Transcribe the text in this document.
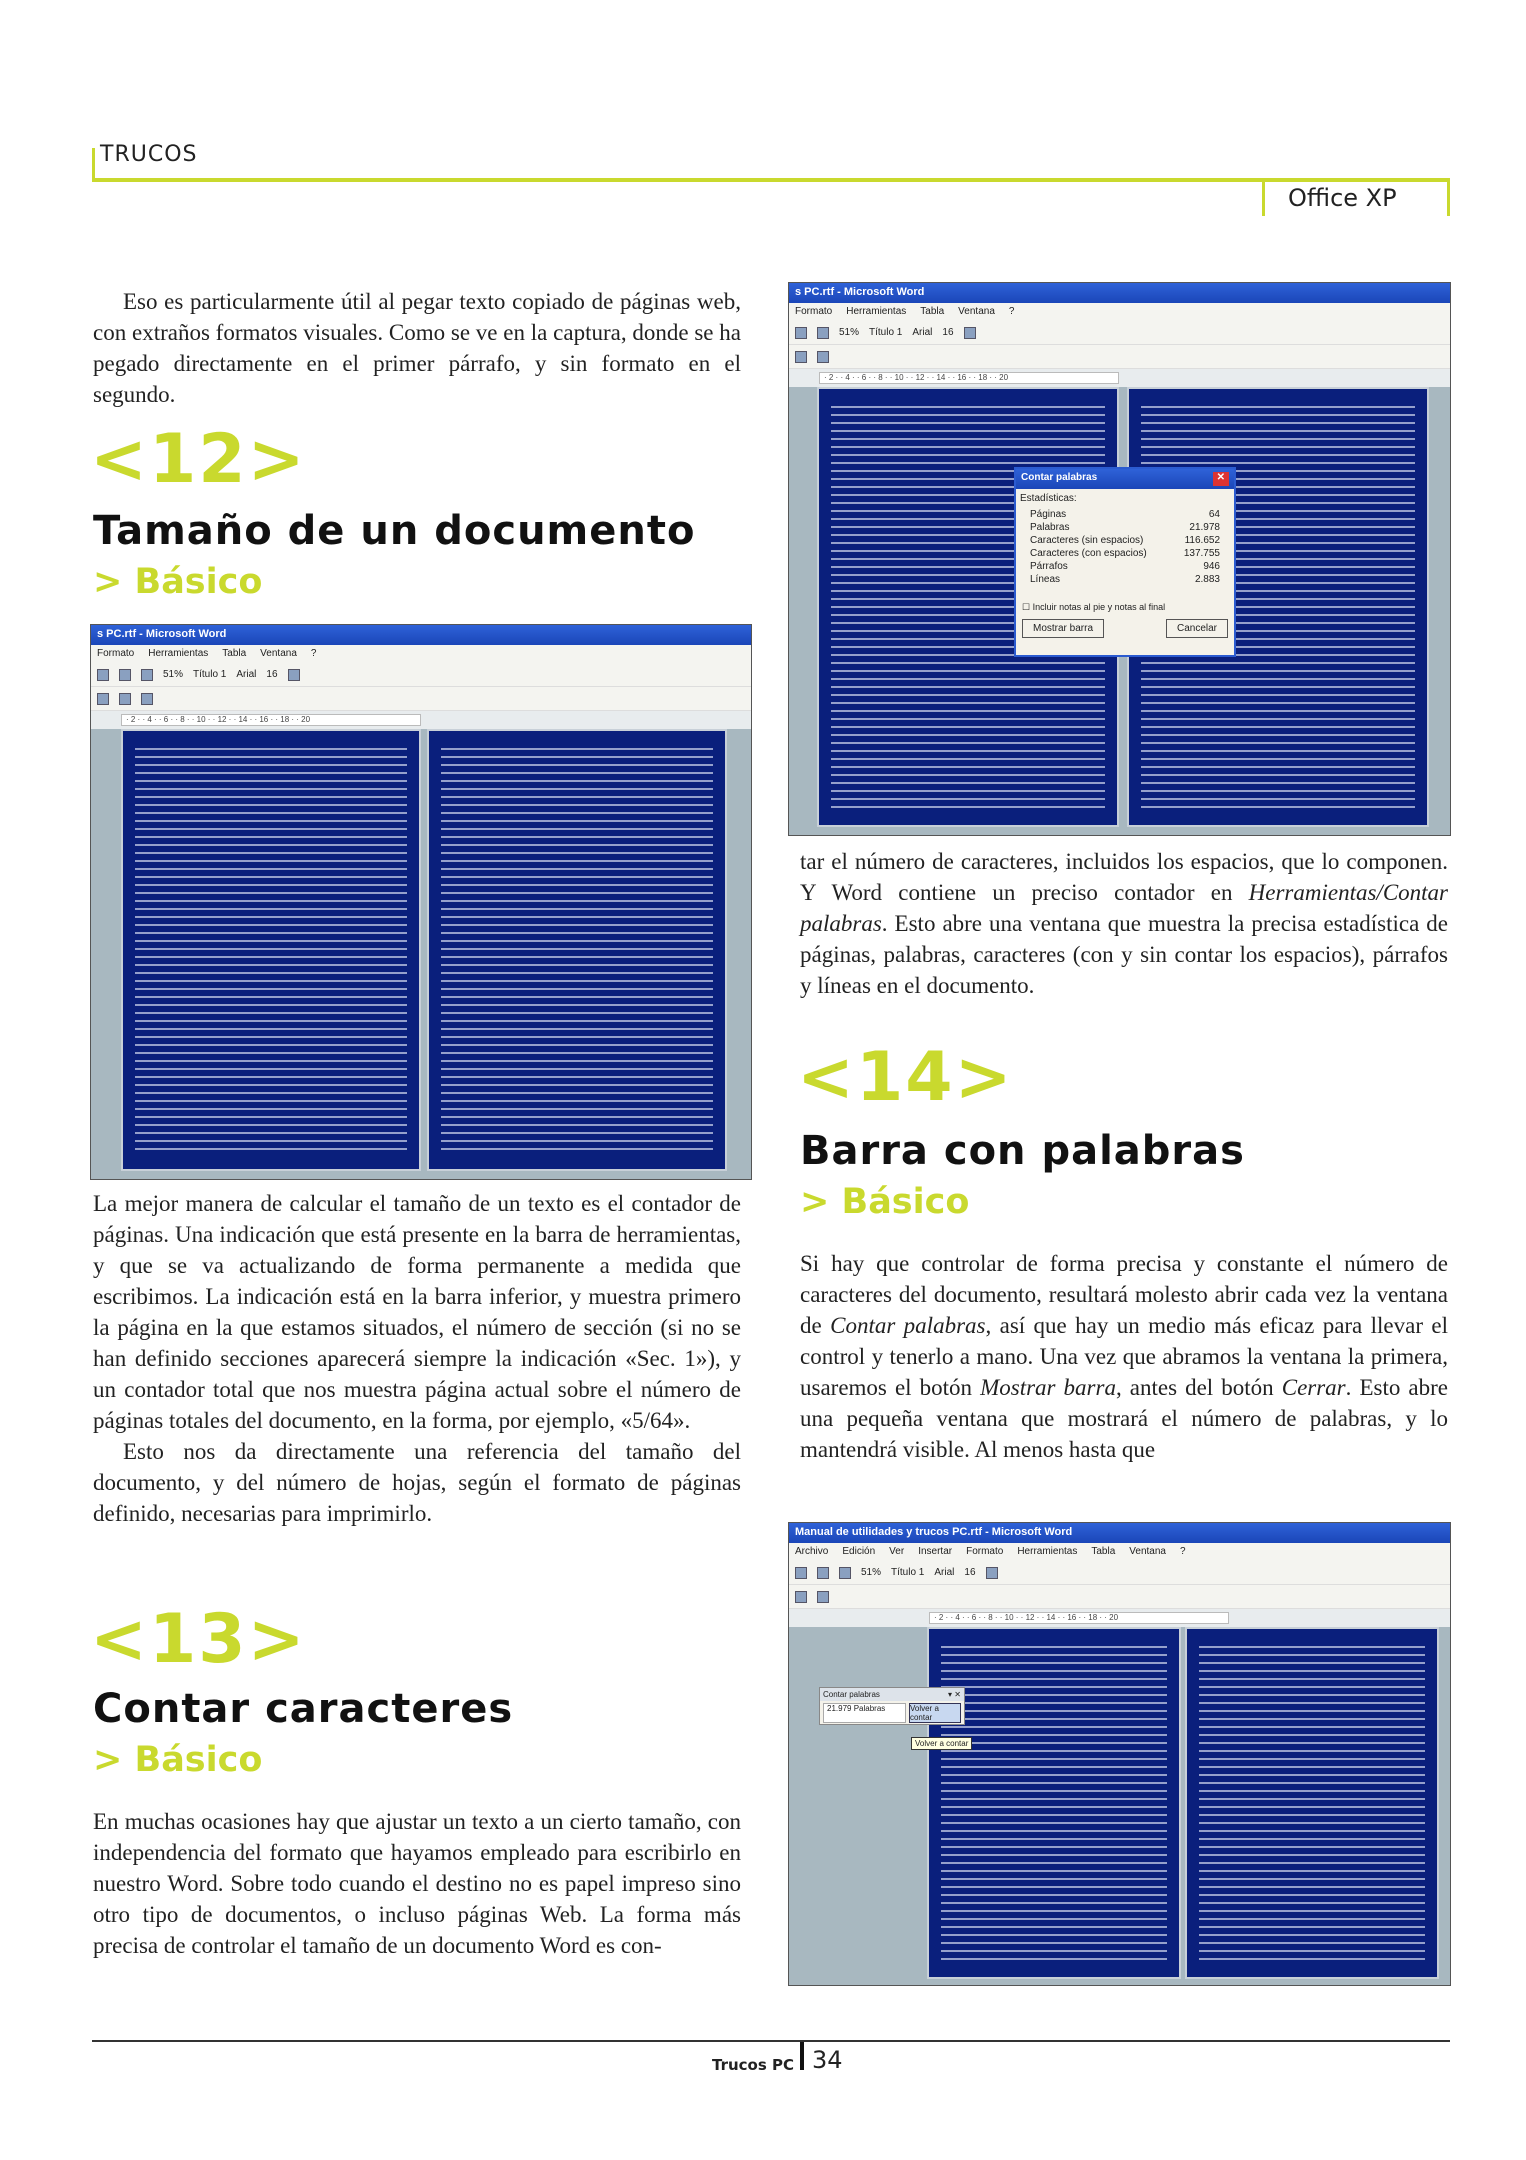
TRUCOS
Office XP

Eso es particularmente útil al pegar texto copiado de páginas web, con extraños formatos visuales. Como se ve en la captura, donde se ha pegado directamente en el primer párrafo, y sin formato en el segundo.

<12>
Tamaño de un documento
> Básico
s PC.rtf - Microsoft Word
Formato Herramientas Tabla Ventana ?
51% Título 1 Arial 16
· 2 · · 4 · · 6 · · 8 · · 10 · · 12 · · 14 · · 16 · · 18 · · 20

La mejor manera de calcular el tamaño de un texto es el contador de páginas. Una indicación que está presente en la barra de herramientas, y que se va actualizando de forma permanente a medida que escribimos. La indicación está en la barra inferior, y muestra primero la página en la que estamos situados, el número de sección (si no se han definido secciones aparecerá siempre la indicación «Sec. 1»), y un contador total que nos muestra página actual sobre el número de páginas totales del documento, en la forma, por ejemplo, «5/64».

Esto nos da directamente una referencia del tamaño del documento, y del número de hojas, según el formato de páginas definido, necesarias para imprimirlo.

<13>
Contar caracteres
> Básico

En muchas ocasiones hay que ajustar un texto a un cierto tamaño, con independencia del formato que hayamos empleado para escribirlo en nuestro Word. Sobre todo cuando el destino no es papel impreso sino otro tipo de documentos, o incluso páginas Web. La forma más precisa de controlar el tamaño de un documento Word es con-

s PC.rtf - Microsoft Word
Formato Herramientas Tabla Ventana ?
51% Título 1 Arial 16
· 2 · · 4 · · 6 · · 8 · · 10 · · 12 · · 14 · · 16 · · 18 · · 20
Contar palabras	✕
Estadísticas:
Páginas	64
Palabras	21.978
Caracteres (sin espacios)	116.652
Caracteres (con espacios)	137.755
Párrafos	946
Líneas	2.883
☐ Incluir notas al pie y notas al final
Mostrar barra	Cancelar

tar el número de caracteres, incluidos los espacios, que lo componen. Y Word contiene un preciso contador en Herramientas/Contar palabras. Esto abre una ventana que muestra la precisa estadística de páginas, palabras, caracteres (con y sin contar los espacios), párrafos y líneas en el documento.

<14>
Barra con palabras
> Básico

Si hay que controlar de forma precisa y constante el número de caracteres del documento, resultará molesto abrir cada vez la ventana de Contar palabras, así que hay un medio más eficaz para llevar el control y tenerlo a mano. Una vez que abramos la ventana la primera, usaremos el botón Mostrar barra, antes del botón Cerrar. Esto abre una pequeña ventana que mostrará el número de palabras, y lo mantendrá visible. Al menos hasta que

Manual de utilidades y trucos PC.rtf - Microsoft Word
Archivo Edición Ver Insertar Formato Herramientas Tabla Ventana ?
51% Título 1 Arial 16
· 2 · · 4 · · 6 · · 8 · · 10 · · 12 · · 14 · · 16 · · 18 · · 20
Contar palabras	▾ ✕
21.979 Palabras	Volver a contar
Volver a contar
Trucos PC 34
